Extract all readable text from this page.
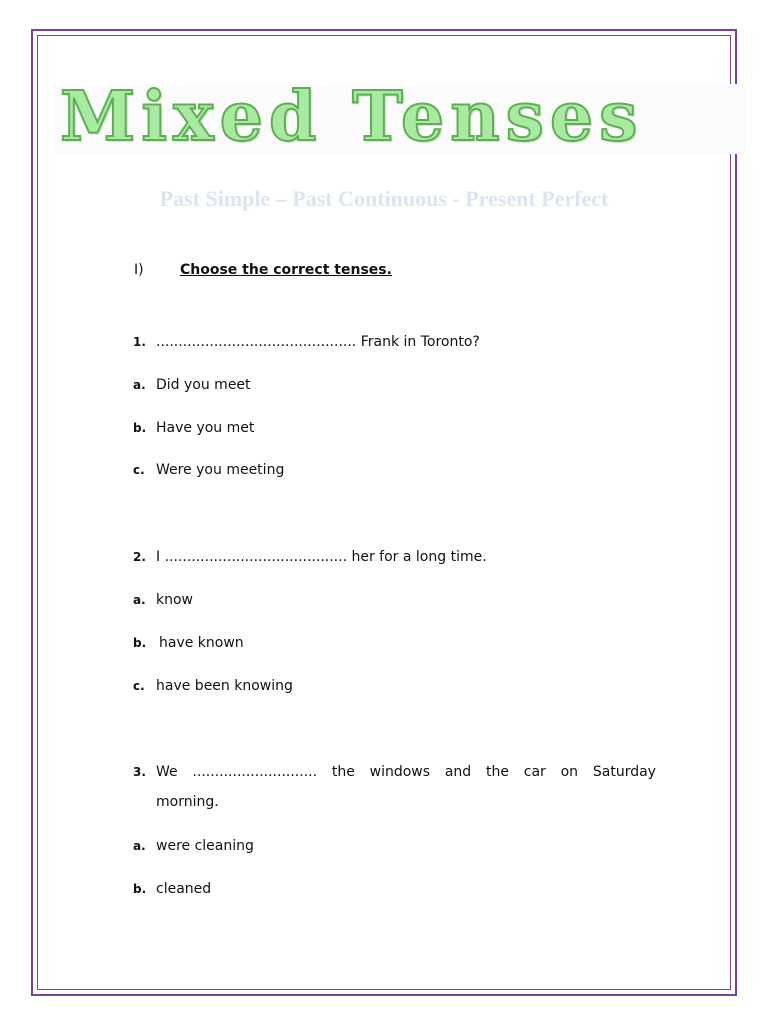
Mixed Tenses
Past Simple – Past Continuous - Present Perfect
I)	Choose the correct tenses.
1. ............................................. Frank in Toronto?
a. Did you meet
b. Have you met
c. Were you meeting
2. I ......................................... her for a long time.
a. know
b. have known
c. have been knowing
3. We ............................ the windows and the car on Saturday
morning.
a. were cleaning
b. cleaned
